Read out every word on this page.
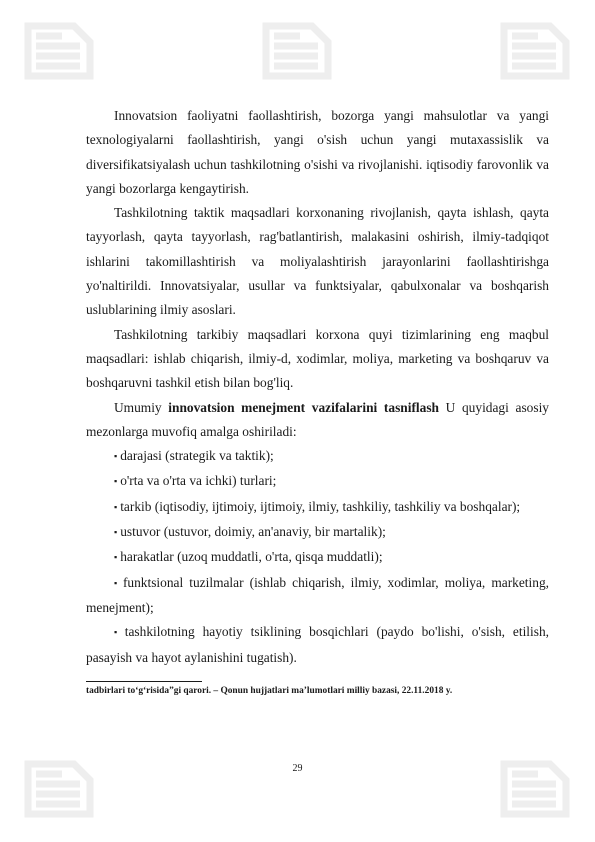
Innovatsion faoliyatni faollashtirish, bozorga yangi mahsulotlar va yangi texnologiyalarni faollashtirish, yangi o'sish uchun yangi mutaxassislik va diversifikatsiyalash uchun tashkilotning o'sishi va rivojlanishi. iqtisodiy farovonlik va yangi bozorlarga kengaytirish.

Tashkilotning taktik maqsadlari korxonaning rivojlanish, qayta ishlash, qayta tayyorlash, qayta tayyorlash, rag'batlantirish, malakasini oshirish, ilmiy-tadqiqot ishlarini takomillashtirish va moliyalashtirish jarayonlarini faollashtirishga yo'naltirildi. Innovatsiyalar, usullar va funktsiyalar, qabulxonalar va boshqarish uslublarining ilmiy asoslari.

Tashkilotning tarkibiy maqsadlari korxona quyi tizimlarining eng maqbul maqsadlari: ishlab chiqarish, ilmiy-d, xodimlar, moliya, marketing va boshqaruv va boshqaruvni tashkil etish bilan bog'liq.

Umumiy innovatsion menejment vazifalarini tasniflash U quyidagi asosiy mezonlarga muvofiq amalga oshiriladi:

▪ darajasi (strategik va taktik);

▪ o'rta va o'rta va ichki) turlari;

▪ tarkib (iqtisodiy, ijtimoiy, ijtimoiy, ilmiy, tashkiliy, tashkiliy va boshqalar);

▪ ustuvor (ustuvor, doimiy, an'anaviy, bir martalik);

▪ harakatlar (uzoq muddatli, o'rta, qisqa muddatli);

▪ funktsional tuzilmalar (ishlab chiqarish, ilmiy, xodimlar, moliya, marketing, menejment);

▪ tashkilotning hayotiy tsiklining bosqichlari (paydo bo'lishi, o'sish, etilish, pasayish va hayot aylanishini tugatish).

tadbirlari to‘g‘risida”gi qarori. – Qonun hujjatlari ma’lumotlari milliy bazasi, 22.11.2018 y.
29
